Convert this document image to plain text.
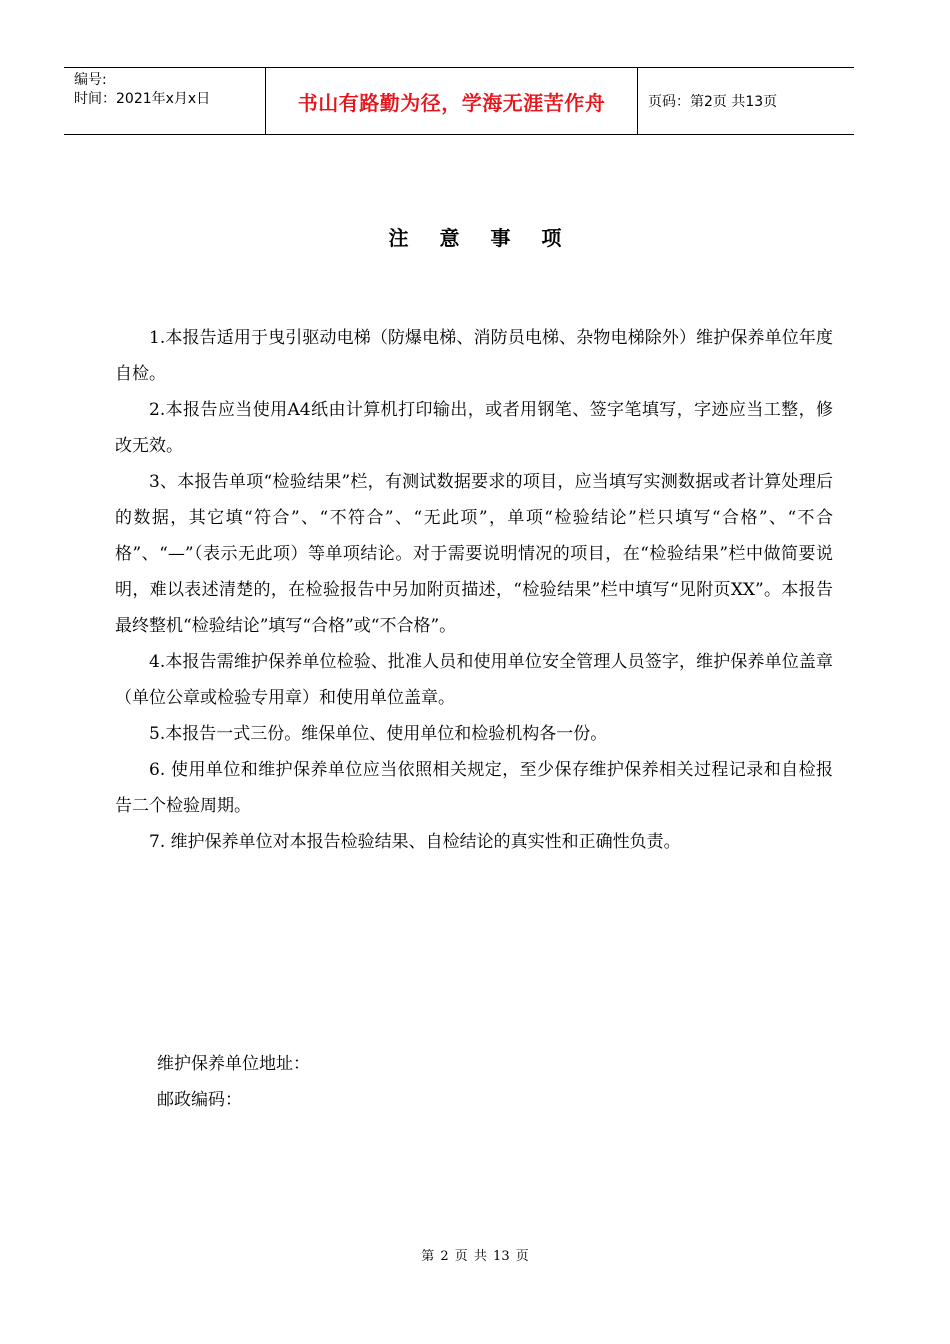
编号:
时间：2021年x月x日	书山有路勤为径，学海无涯苦作舟	页码：第2页 共13页
注 意 事 项

1.本报告适用于曳引驱动电梯（防爆电梯、消防员电梯、杂物电梯除外）维护保养单位年度自检。

2.本报告应当使用A4纸由计算机打印输出，或者用钢笔、签字笔填写，字迹应当工整，修改无效。

3、本报告单项“检验结果”栏，有测试数据要求的项目，应当填写实测数据或者计算处理后的数据，其它填“符合”、“不符合”、“无此项”，单项“检验结论”栏只填写“合格”、“不合格”、“—”（表示无此项）等单项结论。对于需要说明情况的项目，在“检验结果”栏中做简要说明，难以表述清楚的，在检验报告中另加附页描述，“检验结果”栏中填写“见附页XX”。本报告最终整机“检验结论”填写“合格”或“不合格”。

4.本报告需维护保养单位检验、批准人员和使用单位安全管理人员签字，维护保养单位盖章（单位公章或检验专用章）和使用单位盖章。

5.本报告一式三份。维保单位、使用单位和检验机构各一份。

6. 使用单位和维护保养单位应当依照相关规定，至少保存维护保养相关过程记录和自检报告二个检验周期。

7. 维护保养单位对本报告检验结果、自检结论的真实性和正确性负责。

维护保养单位地址：
邮政编码：
第 2 页 共 13 页
